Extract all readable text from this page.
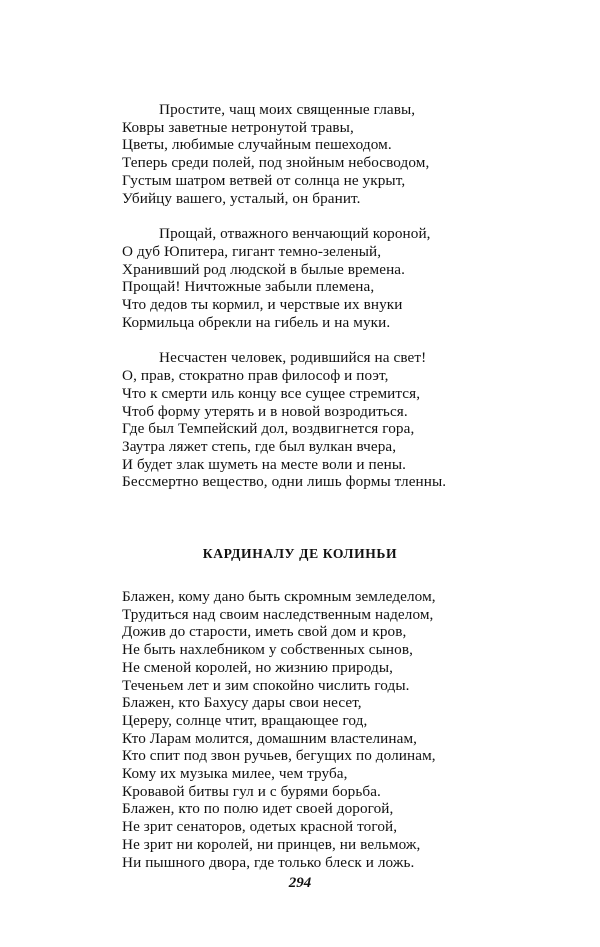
Простите, чащ моих священные главы,
Ковры заветные нетронутой травы,
Цветы, любимые случайным пешеходом.
Теперь среди полей, под знойным небосводом,
Густым шатром ветвей от солнца не укрыт,
Убийцу вашего, усталый, он бранит.
Прощай, отважного венчающий короной,
О дуб Юпитера, гигант темно-зеленый,
Хранивший род людской в былые времена.
Прощай! Ничтожные забыли племена,
Что дедов ты кормил, и черствые их внуки
Кормильца обрекли на гибель и на муки.
Несчастен человек, родившийся на свет!
О, прав, стократно прав философ и поэт,
Что к смерти иль концу все сущее стремится,
Чтоб форму утерять и в новой возродиться.
Где был Темпейский дол, воздвигнется гора,
Заутра ляжет степь, где был вулкан вчера,
И будет злак шуметь на месте воли и пены.
Бессмертно вещество, одни лишь формы тленны.
КАРДИНАЛУ ДЕ КОЛИНЬИ
Блажен, кому дано быть скромным земледелом,
Трудиться над своим наследственным наделом,
Дожив до старости, иметь свой дом и кров,
Не быть нахлебником у собственных сынов,
Не сменой королей, но жизнию природы,
Теченьем лет и зим спокойно числить годы.
Блажен, кто Бахусу дары свои несет,
Цереру, солнце чтит, вращающее год,
Кто Ларам молится, домашним властелинам,
Кто спит под звон ручьев, бегущих по долинам,
Кому их музыка милее, чем труба,
Кровавой битвы гул и с бурями борьба.
Блажен, кто по полю идет своей дорогой,
Не зрит сенаторов, одетых красной тогой,
Не зрит ни королей, ни принцев, ни вельмож,
Ни пышного двора, где только блеск и ложь.
294
